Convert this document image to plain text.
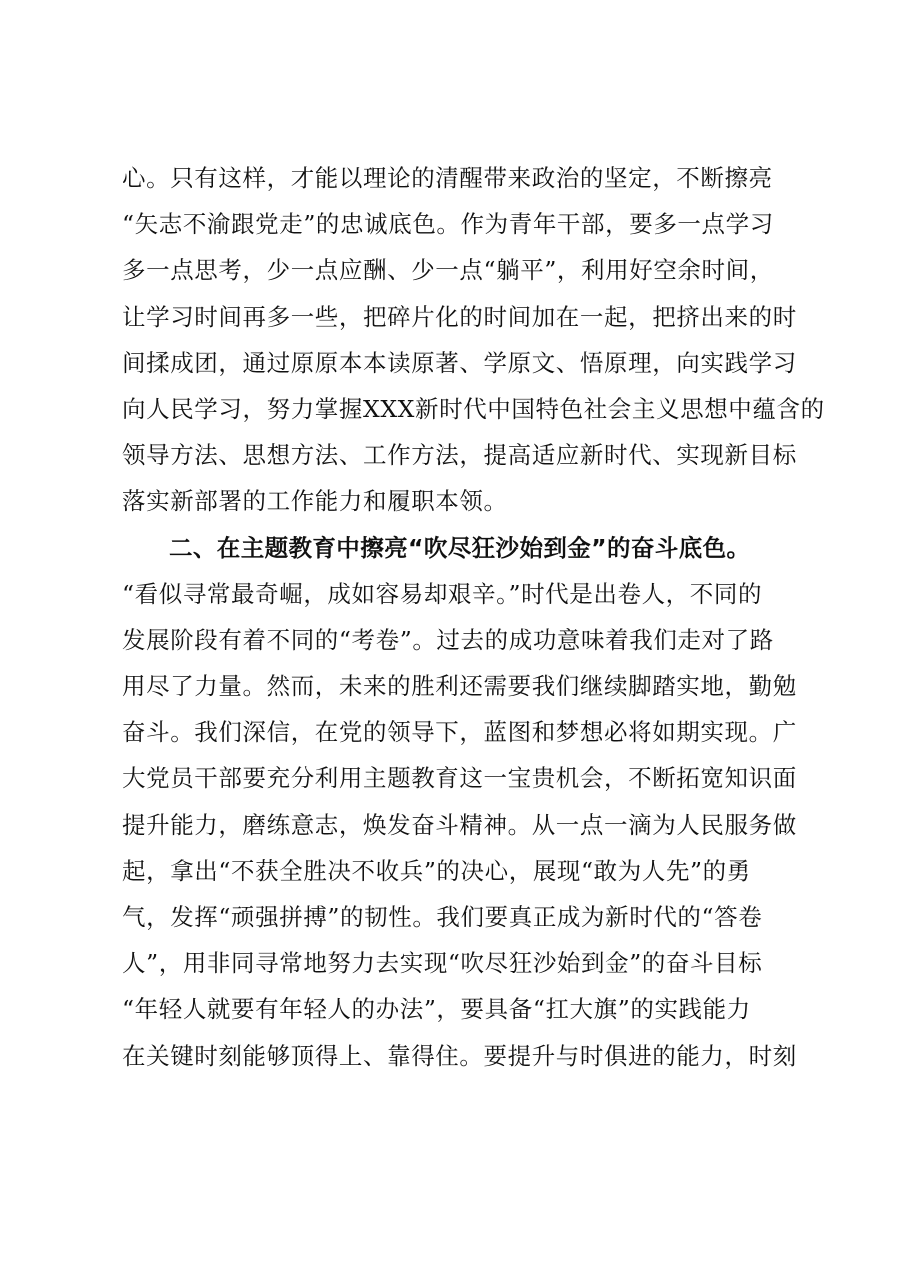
心。只有这样，才能以理论的清醒带来政治的坚定，不断擦亮
“矢志不渝跟党走”的忠诚底色。作为青年干部，要多一点学习
多一点思考，少一点应酬、少一点“躺平”，利用好空余时间，
让学习时间再多一些，把碎片化的时间加在一起，把挤出来的时
间揉成团，通过原原本本读原著、学原文、悟原理，向实践学习
向人民学习，努力掌握XXX新时代中国特色社会主义思想中蕴含的
领导方法、思想方法、工作方法，提高适应新时代、实现新目标
落实新部署的工作能力和履职本领。
二、在主题教育中擦亮“吹尽狂沙始到金”的奋斗底色。
“看似寻常最奇崛，成如容易却艰辛。”时代是出卷人，不同的
发展阶段有着不同的“考卷”。过去的成功意味着我们走对了路
用尽了力量。然而，未来的胜利还需要我们继续脚踏实地，勤勉
奋斗。我们深信，在党的领导下，蓝图和梦想必将如期实现。广
大党员干部要充分利用主题教育这一宝贵机会，不断拓宽知识面
提升能力，磨练意志，焕发奋斗精神。从一点一滴为人民服务做
起，拿出“不获全胜决不收兵”的决心，展现“敢为人先”的勇
气，发挥“顽强拼搏”的韧性。我们要真正成为新时代的“答卷
人”，用非同寻常地努力去实现“吹尽狂沙始到金”的奋斗目标
“年轻人就要有年轻人的办法”，要具备“扛大旗”的实践能力
在关键时刻能够顶得上、靠得住。要提升与时俱进的能力，时刻
